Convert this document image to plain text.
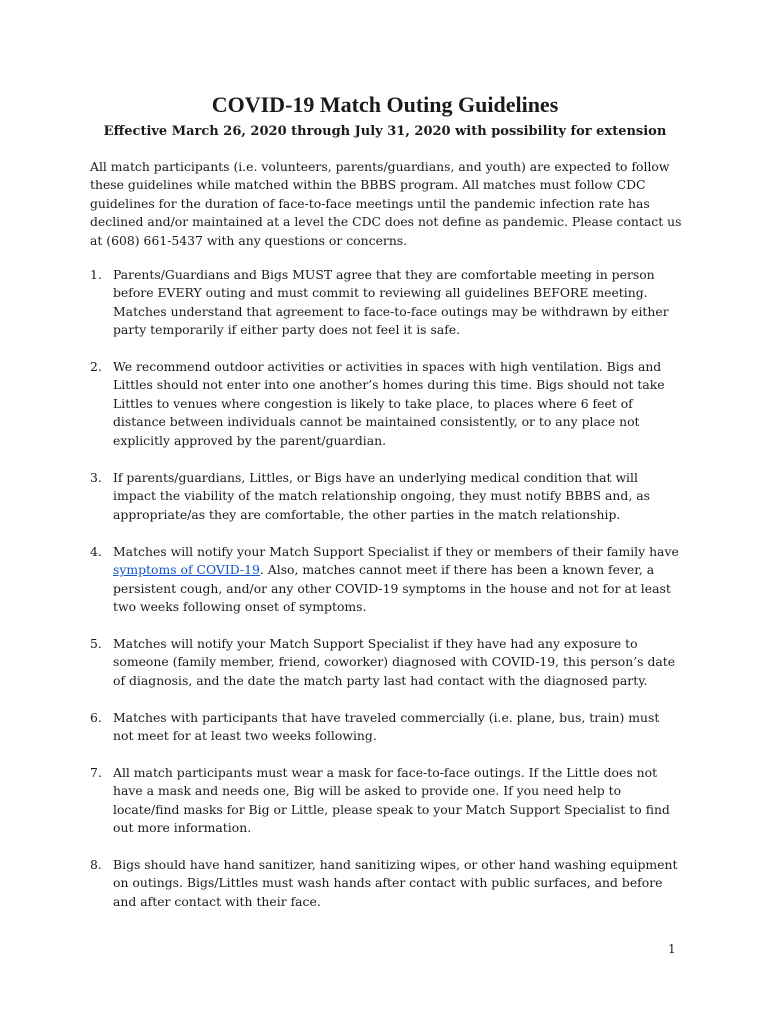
COVID-19 Match Outing Guidelines
Effective March 26, 2020 through July 31, 2020 with possibility for extension
All match participants (i.e. volunteers, parents/guardians, and youth) are expected to follow these guidelines while matched within the BBBS program. All matches must follow CDC guidelines for the duration of face-to-face meetings until the pandemic infection rate has declined and/or maintained at a level the CDC does not define as pandemic. Please contact us at (608) 661-5437 with any questions or concerns.
1. Parents/Guardians and Bigs MUST agree that they are comfortable meeting in person before EVERY outing and must commit to reviewing all guidelines BEFORE meeting. Matches understand that agreement to face-to-face outings may be withdrawn by either party temporarily if either party does not feel it is safe.
2. We recommend outdoor activities or activities in spaces with high ventilation. Bigs and Littles should not enter into one another’s homes during this time. Bigs should not take Littles to venues where congestion is likely to take place, to places where 6 feet of distance between individuals cannot be maintained consistently, or to any place not explicitly approved by the parent/guardian.
3. If parents/guardians, Littles, or Bigs have an underlying medical condition that will impact the viability of the match relationship ongoing, they must notify BBBS and, as appropriate/as they are comfortable, the other parties in the match relationship.
4. Matches will notify your Match Support Specialist if they or members of their family have symptoms of COVID-19. Also, matches cannot meet if there has been a known fever, a persistent cough, and/or any other COVID-19 symptoms in the house and not for at least two weeks following onset of symptoms.
5. Matches will notify your Match Support Specialist if they have had any exposure to someone (family member, friend, coworker) diagnosed with COVID-19, this person’s date of diagnosis, and the date the match party last had contact with the diagnosed party.
6. Matches with participants that have traveled commercially (i.e. plane, bus, train) must not meet for at least two weeks following.
7. All match participants must wear a mask for face-to-face outings. If the Little does not have a mask and needs one, Big will be asked to provide one. If you need help to locate/find masks for Big or Little, please speak to your Match Support Specialist to find out more information.
8. Bigs should have hand sanitizer, hand sanitizing wipes, or other hand washing equipment on outings. Bigs/Littles must wash hands after contact with public surfaces, and before and after contact with their face.
1
